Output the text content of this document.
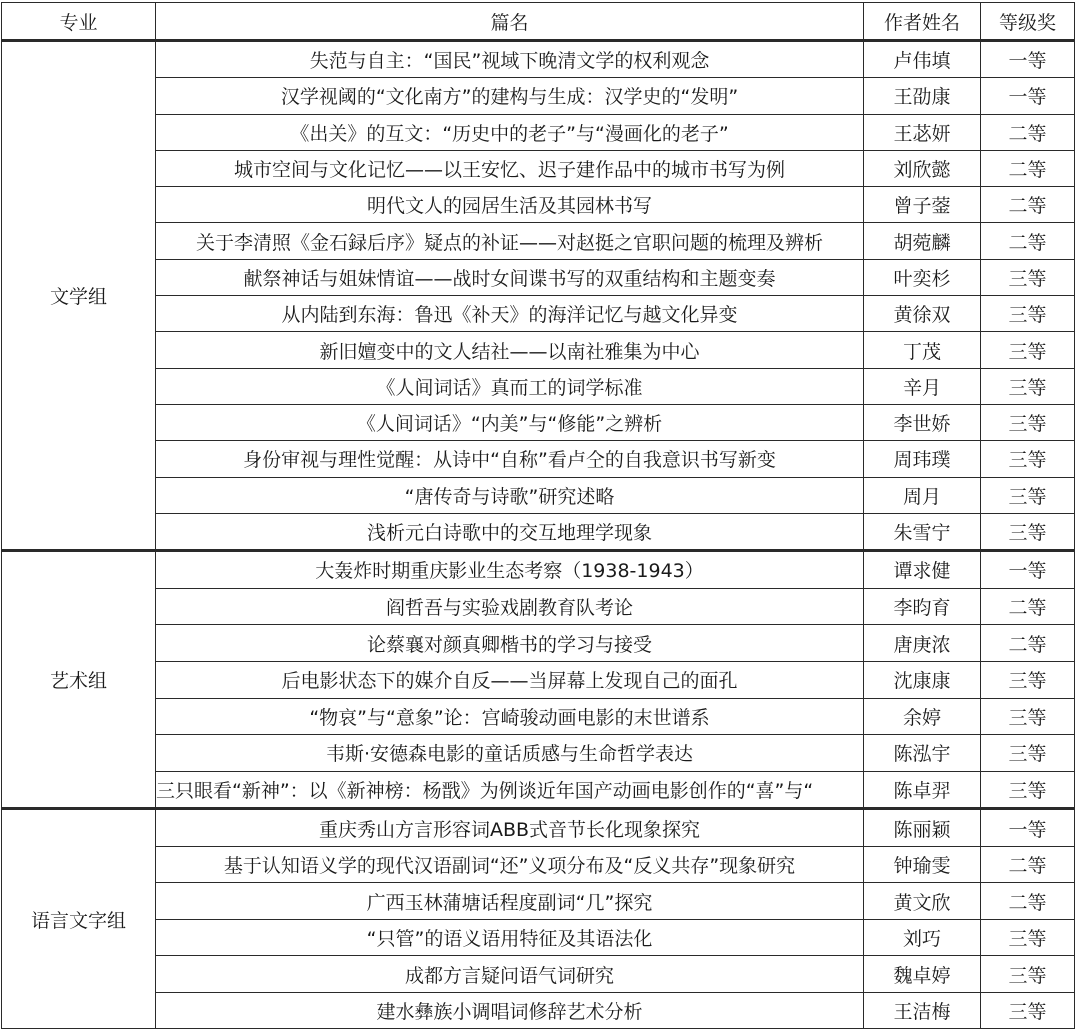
专业	篇名	作者姓名	等级奖
文学组	失范与自主：“国民”视域下晚清文学的权利观念	卢伟填	一等
	汉学视阈的“文化南方”的建构与生成：汉学史的“发明”	王劭康	一等
	《出关》的互文：“历史中的老子”与“漫画化的老子”	王苾妍	二等
	城市空间与文化记忆——以王安忆、迟子建作品中的城市书写为例	刘欣懿	二等
	明代文人的园居生活及其园林书写	曾子蓥	二等
	关于李清照《金石録后序》疑点的补证——对赵挺之官职问题的梳理及辨析	胡菀麟	二等
	献祭神话与姐妹情谊——战时女间谍书写的双重结构和主题变奏	叶奕杉	三等
	从内陆到东海：鲁迅《补天》的海洋记忆与越文化异变	黄徐双	三等
	新旧嬗变中的文人结社——以南社雅集为中心	丁茂	三等
	《人间词话》真而工的词学标准	辛月	三等
	《人间词话》“内美”与“修能”之辨析	李世娇	三等
	身份审视与理性觉醒：从诗中“自称”看卢仝的自我意识书写新变	周玮璞	三等
	“唐传奇与诗歌”研究述略	周月	三等
	浅析元白诗歌中的交互地理学现象	朱雪宁	三等
艺术组	大轰炸时期重庆影业生态考察（1938-1943）	谭求健	一等
	阎哲吾与实验戏剧教育队考论	李昀育	二等
	论蔡襄对颜真卿楷书的学习与接受	唐庚浓	二等
	后电影状态下的媒介自反——当屏幕上发现自己的面孔	沈康康	三等
	“物哀”与“意象”论：宫崎骏动画电影的末世谱系	余婷	三等
	韦斯·安德森电影的童话质感与生命哲学表达	陈泓宇	三等
	三只眼看“新神”：以《新神榜：杨戬》为例谈近年国产动画电影创作的“喜”与“	陈卓羿	三等
语言文字组	重庆秀山方言形容词ABB式音节长化现象探究	陈丽颖	一等
	基于认知语义学的现代汉语副词“还”义项分布及“反义共存”现象研究	钟瑜雯	二等
	广西玉林蒲塘话程度副词“几”探究	黄文欣	二等
	“只管”的语义语用特征及其语法化	刘巧	三等
	成都方言疑问语气词研究	魏卓婷	三等
	建水彝族小调唱词修辞艺术分析	王洁梅	三等
